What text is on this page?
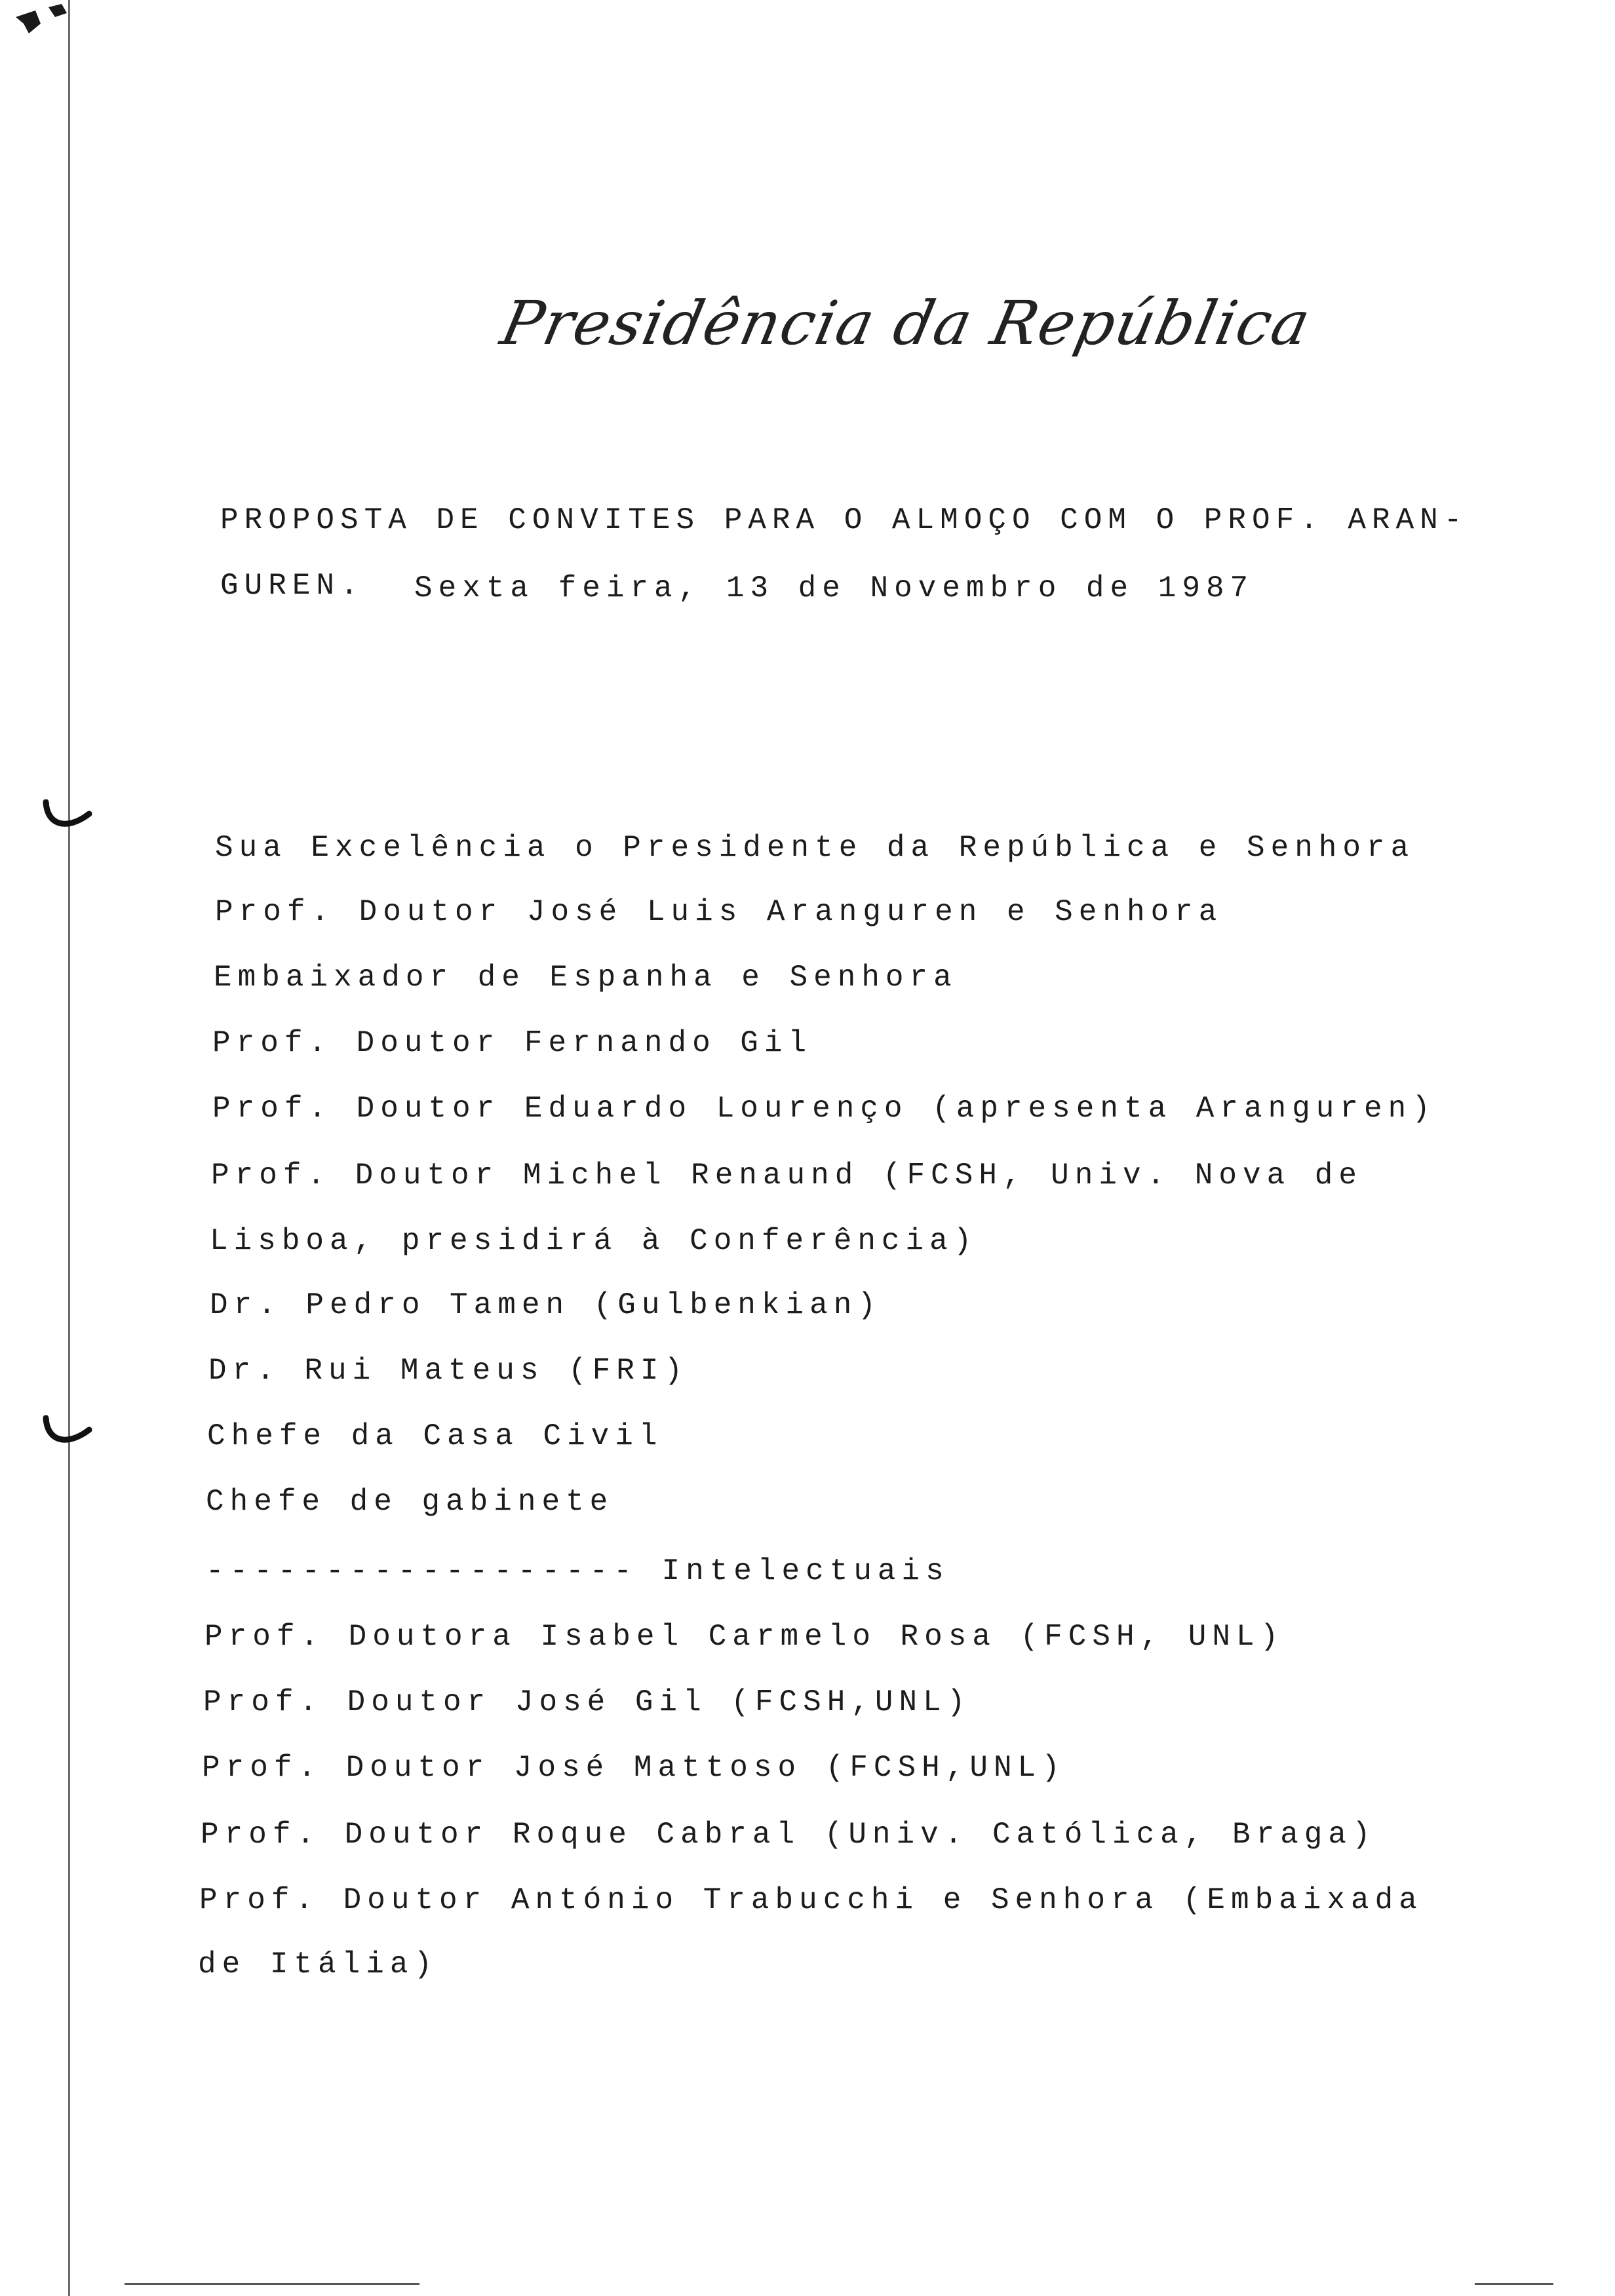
Presidência da República
PROPOSTA DE CONVITES PARA O ALMOÇO COM O PROF. ARAN-
GUREN. Sexta feira, 13 de Novembro de 1987
Sua Excelência o Presidente da República e Senhora
Prof. Doutor José Luis Aranguren e Senhora
Embaixador de Espanha e Senhora
Prof. Doutor Fernando Gil
Prof. Doutor Eduardo Lourenço (apresenta Aranguren)
Prof. Doutor Michel Renaund (FCSH, Univ. Nova de
Lisboa, presidirá à Conferência)
Dr. Pedro Tamen (Gulbenkian)
Dr. Rui Mateus (FRI)
Chefe da Casa Civil
Chefe de gabinete
------------------ Intelectuais
Prof. Doutora Isabel Carmelo Rosa (FCSH, UNL)
Prof. Doutor José Gil (FCSH,UNL)
Prof. Doutor José Mattoso (FCSH,UNL)
Prof. Doutor Roque Cabral (Univ. Católica, Braga)
Prof. Doutor António Trabucchi e Senhora (Embaixada
de Itália)
